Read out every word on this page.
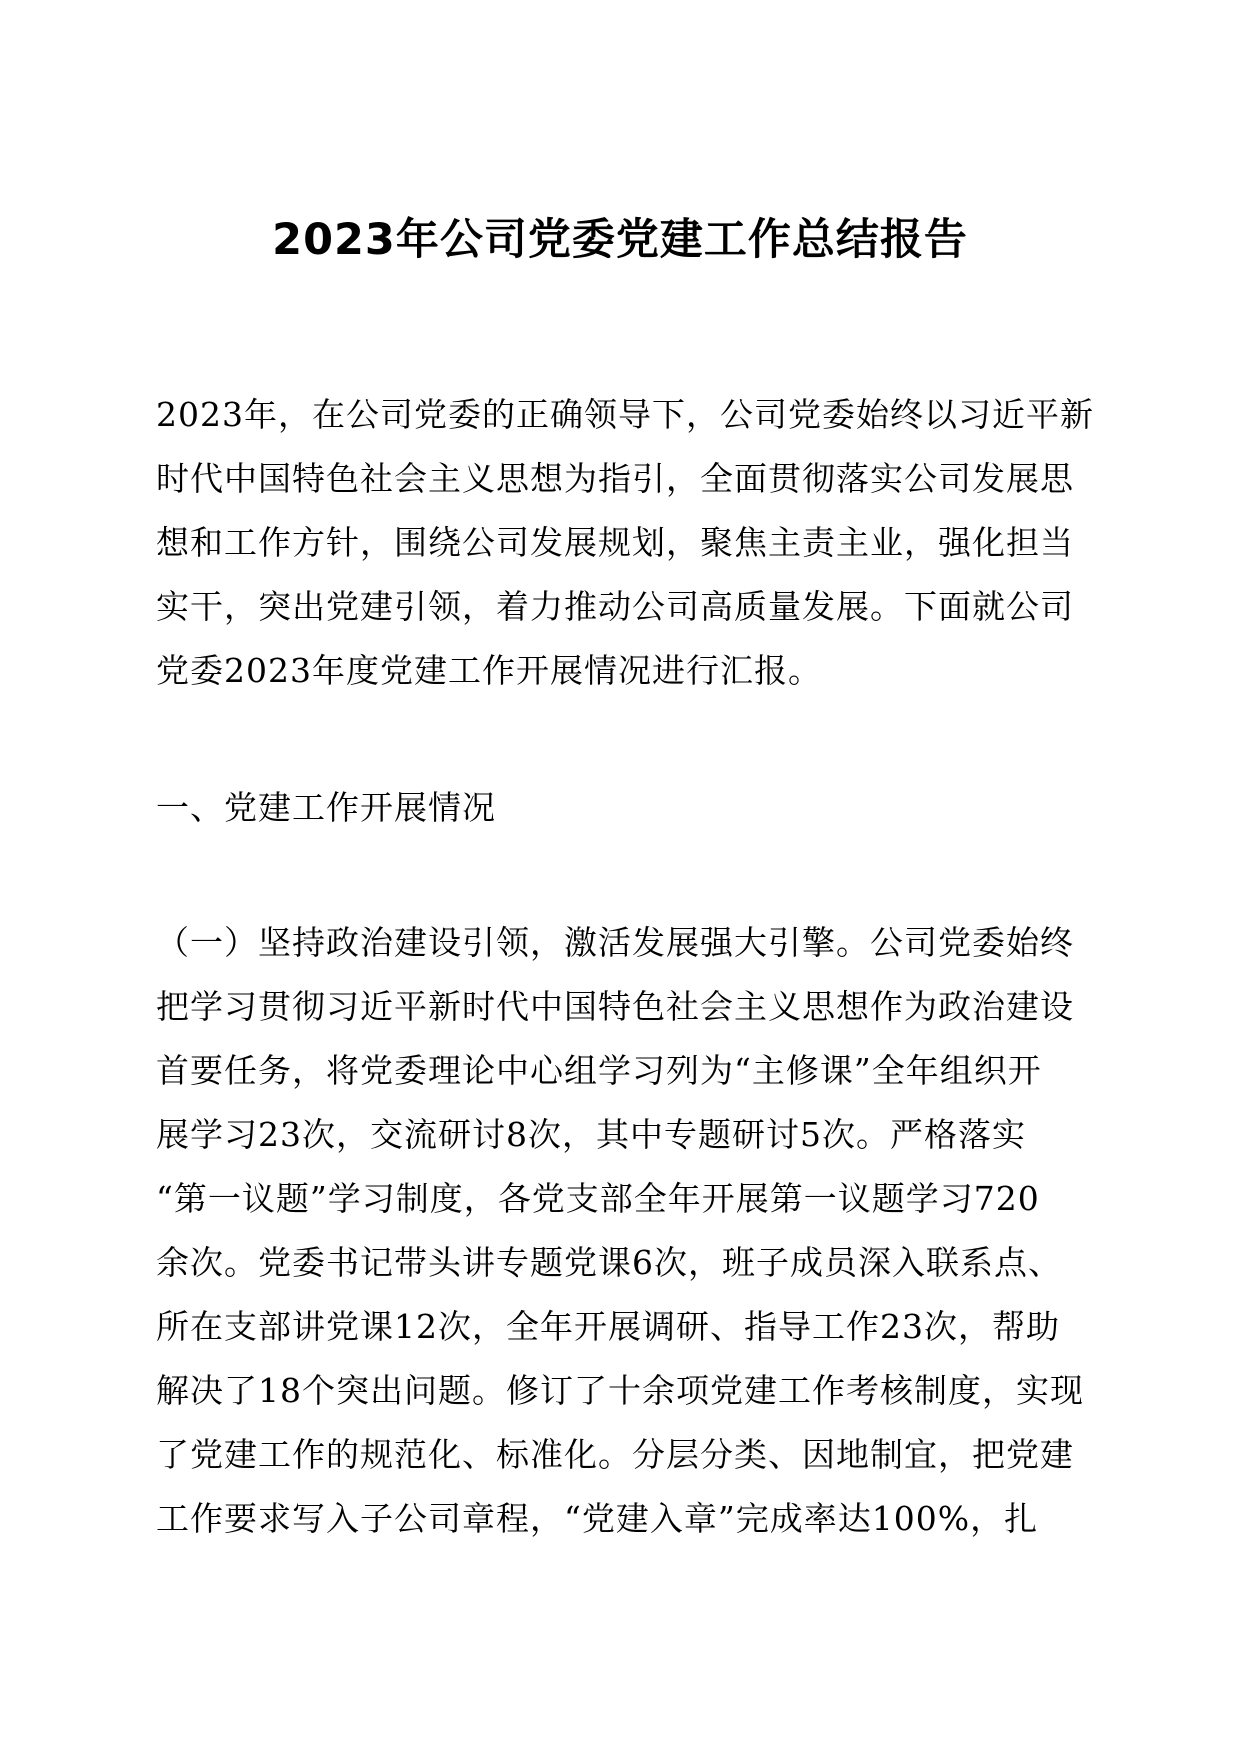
2023年公司党委党建工作总结报告

2023年，在公司党委的正确领导下，公司党委始终以习近平新
时代中国特色社会主义思想为指引，全面贯彻落实公司发展思
想和工作方针，围绕公司发展规划，聚焦主责主业，强化担当
实干，突出党建引领，着力推动公司高质量发展。下面就公司
党委2023年度党建工作开展情况进行汇报。

一、党建工作开展情况

（一）坚持政治建设引领，激活发展强大引擎。公司党委始终
把学习贯彻习近平新时代中国特色社会主义思想作为政治建设
首要任务，将党委理论中心组学习列为“主修课”全年组织开
展学习23次，交流研讨8次，其中专题研讨5次。严格落实
“第一议题”学习制度，各党支部全年开展第一议题学习720
余次。党委书记带头讲专题党课6次，班子成员深入联系点、
所在支部讲党课12次，全年开展调研、指导工作23次，帮助
解决了18个突出问题。修订了十余项党建工作考核制度，实现
了党建工作的规范化、标准化。分层分类、因地制宜，把党建
工作要求写入子公司章程，“党建入章”完成率达100%，扎
